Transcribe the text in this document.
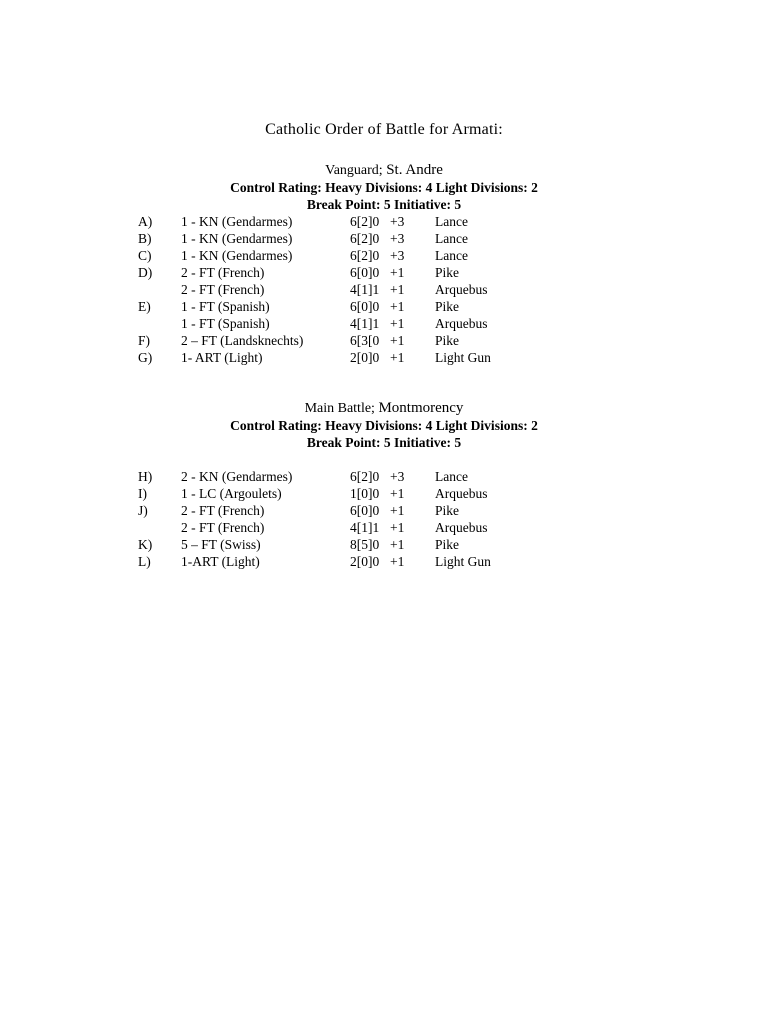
Catholic Order of Battle for Armati:
Vanguard; St. Andre
Control Rating: Heavy Divisions: 4 Light Divisions: 2
Break Point: 5 Initiative: 5
A) 1 - KN (Gendarmes)	6[2]0 +3 Lance
B) 1 - KN (Gendarmes)	6[2]0 +3 Lance
C) 1 - KN (Gendarmes)	6[2]0 +3 Lance
D) 2 - FT (French)	6[0]0 +1 Pike
2 - FT (French)	4[1]1 +1 Arquebus
E) 1 - FT (Spanish)	6[0]0 +1 Pike
1 - FT (Spanish)	4[1]1 +1 Arquebus
F) 2 – FT (Landsknechts)	6[3[0 +1 Pike
G) 1- ART (Light)	2[0]0 +1 Light Gun
Main Battle; Montmorency
Control Rating: Heavy Divisions: 4 Light Divisions: 2
Break Point: 5 Initiative: 5
H) 2 - KN (Gendarmes)	6[2]0 +3 Lance
I)	1 - LC (Argoulets)	1[0]0 +1 Arquebus
J) 2 - FT (French)	6[0]0 +1 Pike
2 - FT (French)	4[1]1 +1 Arquebus
K) 5 – FT (Swiss)	8[5]0 +1 Pike
L) 1-ART (Light)	2[0]0 +1 Light Gun
